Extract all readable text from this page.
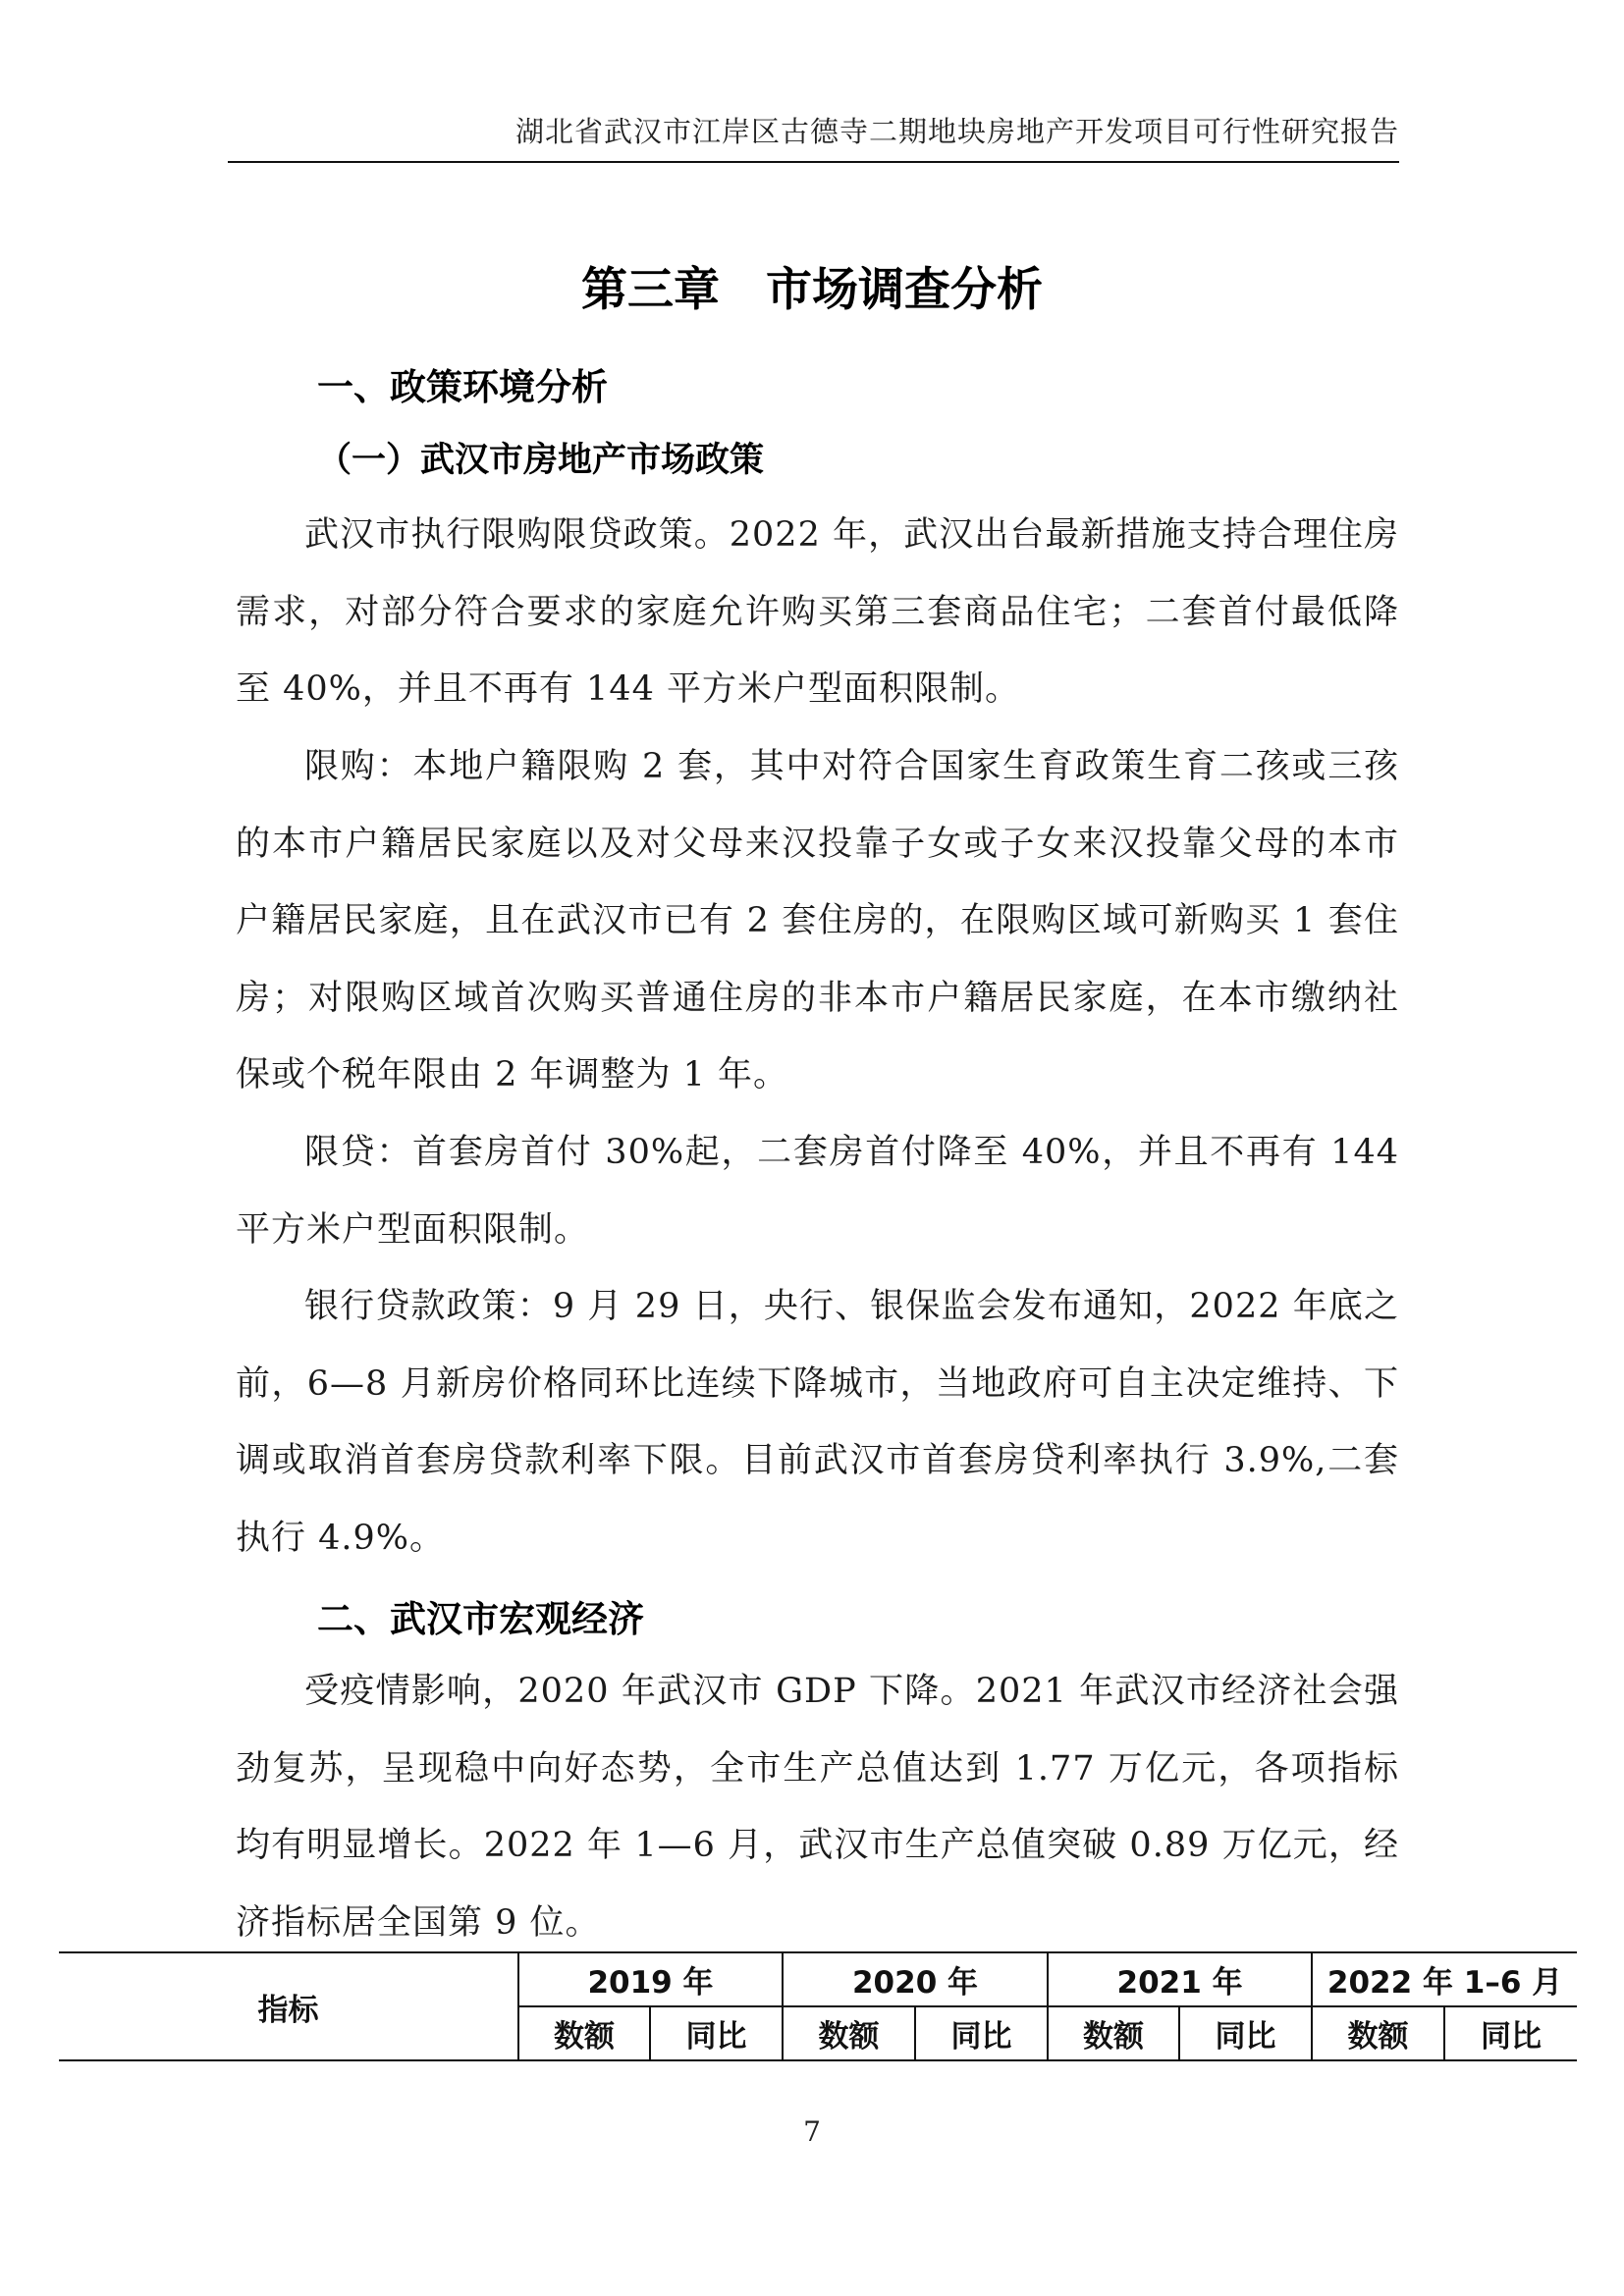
湖北省武汉市江岸区古德寺二期地块房地产开发项目可行性研究报告
第三章　市场调查分析
一、政策环境分析
（一）武汉市房地产市场政策

武汉市执行限购限贷政策。2022 年，武汉出台最新措施支持合理住房需求，对部分符合要求的家庭允许购买第三套商品住宅；二套首付最低降至 40%，并且不再有 144 平方米户型面积限制。

限购：本地户籍限购 2 套，其中对符合国家生育政策生育二孩或三孩的本市户籍居民家庭以及对父母来汉投靠子女或子女来汉投靠父母的本市户籍居民家庭，且在武汉市已有 2 套住房的，在限购区域可新购买 1 套住房；对限购区域首次购买普通住房的非本市户籍居民家庭，在本市缴纳社保或个税年限由 2 年调整为 1 年。

限贷：首套房首付 30%起，二套房首付降至 40%，并且不再有 144 平方米户型面积限制。

银行贷款政策：9 月 29 日，央行、银保监会发布通知，2022 年底之前，6—8 月新房价格同环比连续下降城市，当地政府可自主决定维持、下调或取消首套房贷款利率下限。目前武汉市首套房贷利率执行 3.9%,二套执行 4.9%。

二、武汉市宏观经济

受疫情影响，2020 年武汉市 GDP 下降。2021 年武汉市经济社会强劲复苏，呈现稳中向好态势，全市生产总值达到 1.77 万亿元，各项指标均有明显增长。2022 年 1—6 月，武汉市生产总值突破 0.89 万亿元，经济指标居全国第 9 位。

指标	2019 年		2020 年		2021 年		2022 年 1–6 月	
	数额	同比	数额	同比	数额	同比	数额	同比
7
